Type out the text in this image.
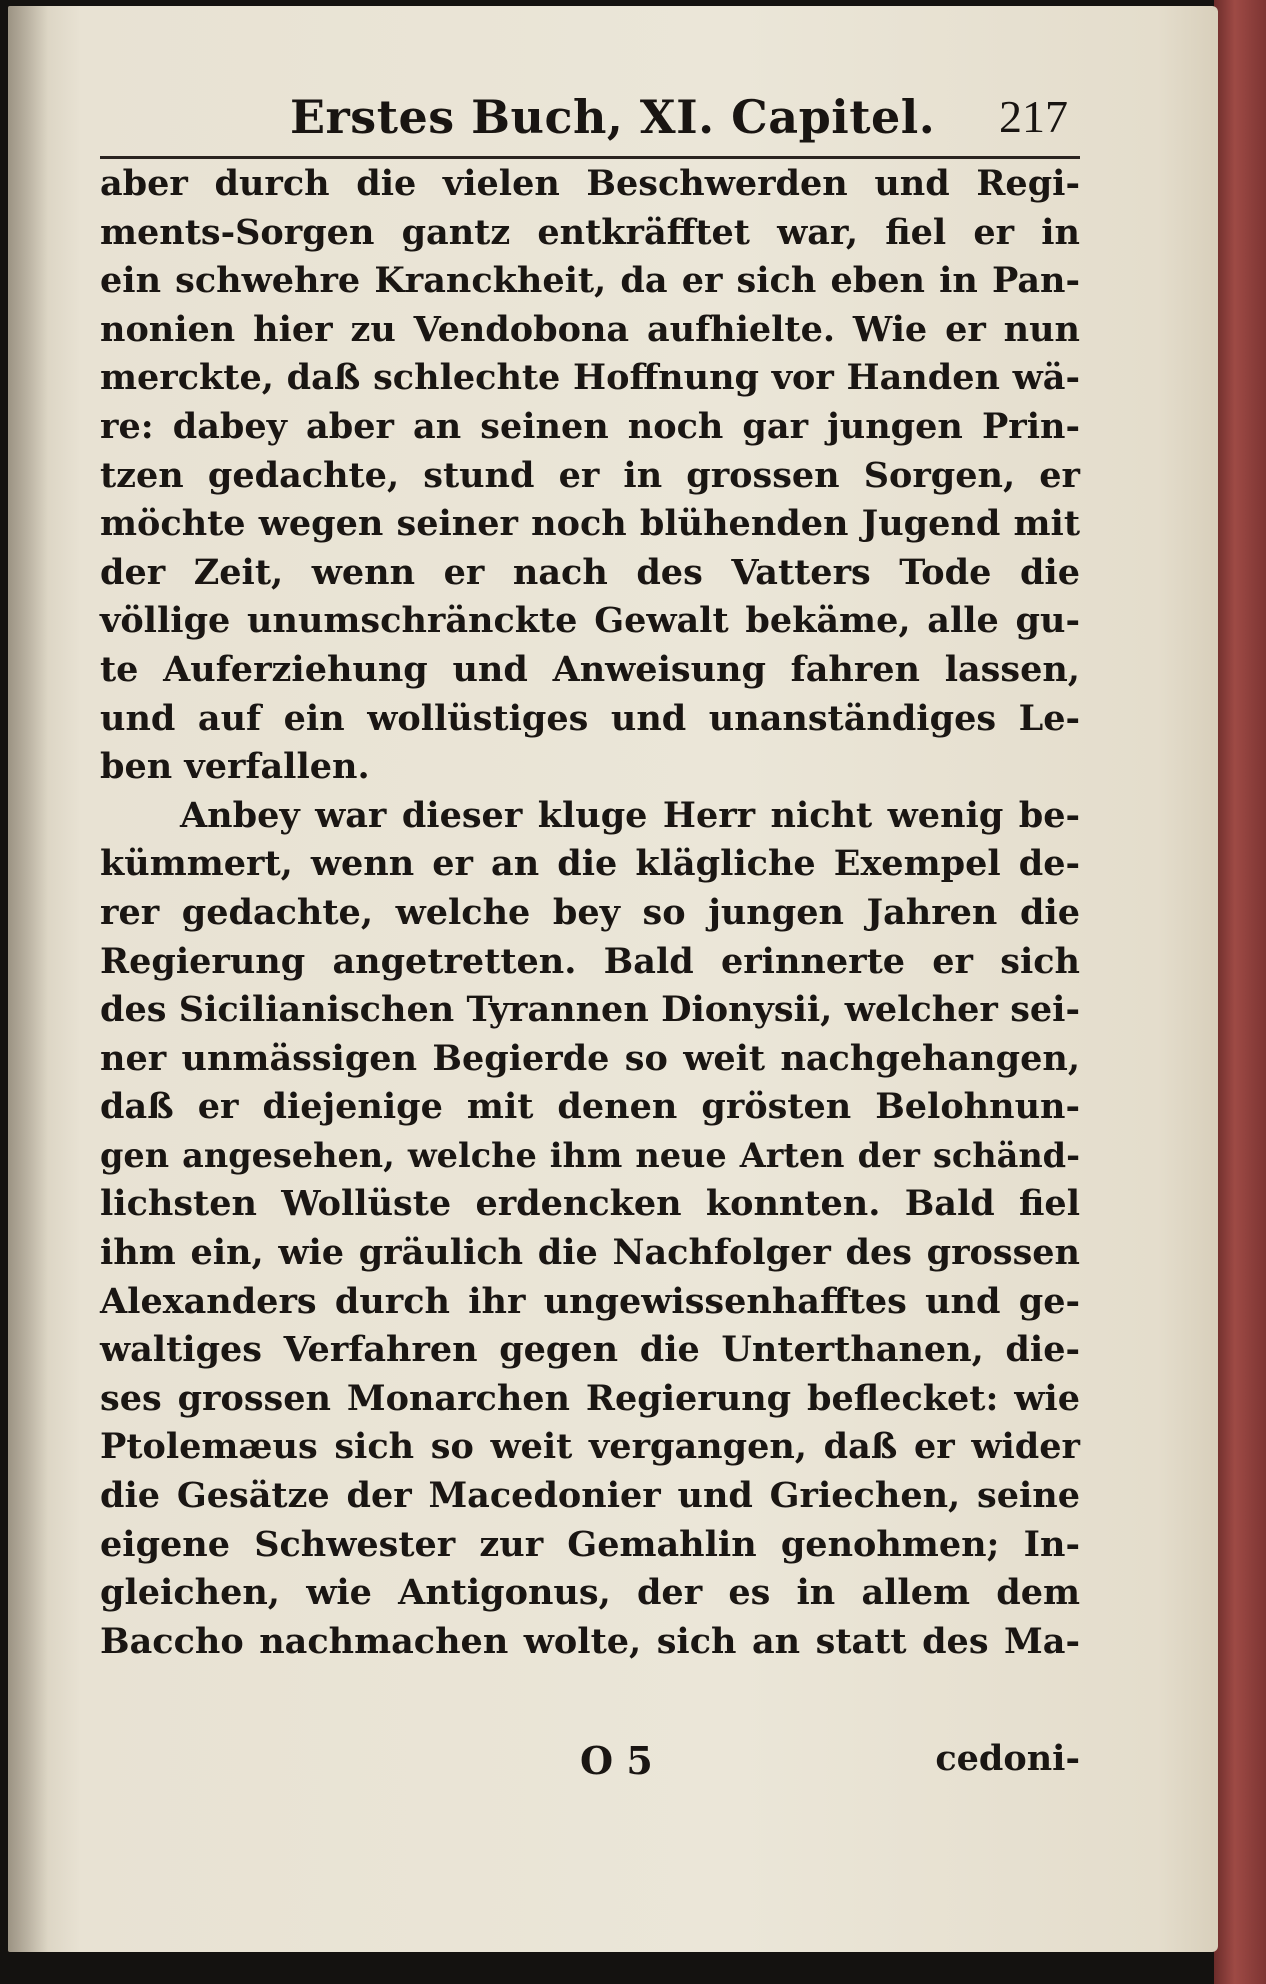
Erstes Buch, XI. Capitel. 217
aber durch die vielen Beschwerden und Regi-
ments-Sorgen gantz entkräfftet war, fiel er in
ein schwehre Kranckheit, da er sich eben in Pan-
nonien hier zu Vendobona aufhielte. Wie er nun
merckte, daß schlechte Hoffnung vor Handen wä-
re: dabey aber an seinen noch gar jungen Prin-
tzen gedachte, stund er in grossen Sorgen, er
möchte wegen seiner noch blühenden Jugend mit
der Zeit, wenn er nach des Vatters Tode die
völlige unumschränckte Gewalt bekäme, alle gu-
te Auferziehung und Anweisung fahren lassen,
und auf ein wollüstiges und unanständiges Le-
ben verfallen.
Anbey war dieser kluge Herr nicht wenig be-
kümmert, wenn er an die klägliche Exempel de-
rer gedachte, welche bey so jungen Jahren die
Regierung angetretten. Bald erinnerte er sich
des Sicilianischen Tyrannen Dionysii, welcher sei-
ner unmässigen Begierde so weit nachgehangen,
daß er diejenige mit denen grösten Belohnun-
gen angesehen, welche ihm neue Arten der schänd-
lichsten Wollüste erdencken konnten. Bald fiel
ihm ein, wie gräulich die Nachfolger des grossen
Alexanders durch ihr ungewissenhafftes und ge-
waltiges Verfahren gegen die Unterthanen, die-
ses grossen Monarchen Regierung beflecket: wie
Ptolemæus sich so weit vergangen, daß er wider
die Gesätze der Macedonier und Griechen, seine
eigene Schwester zur Gemahlin genohmen; In-
gleichen, wie Antigonus, der es in allem dem
Baccho nachmachen wolte, sich an statt des Ma-
O 5	cedoni-
